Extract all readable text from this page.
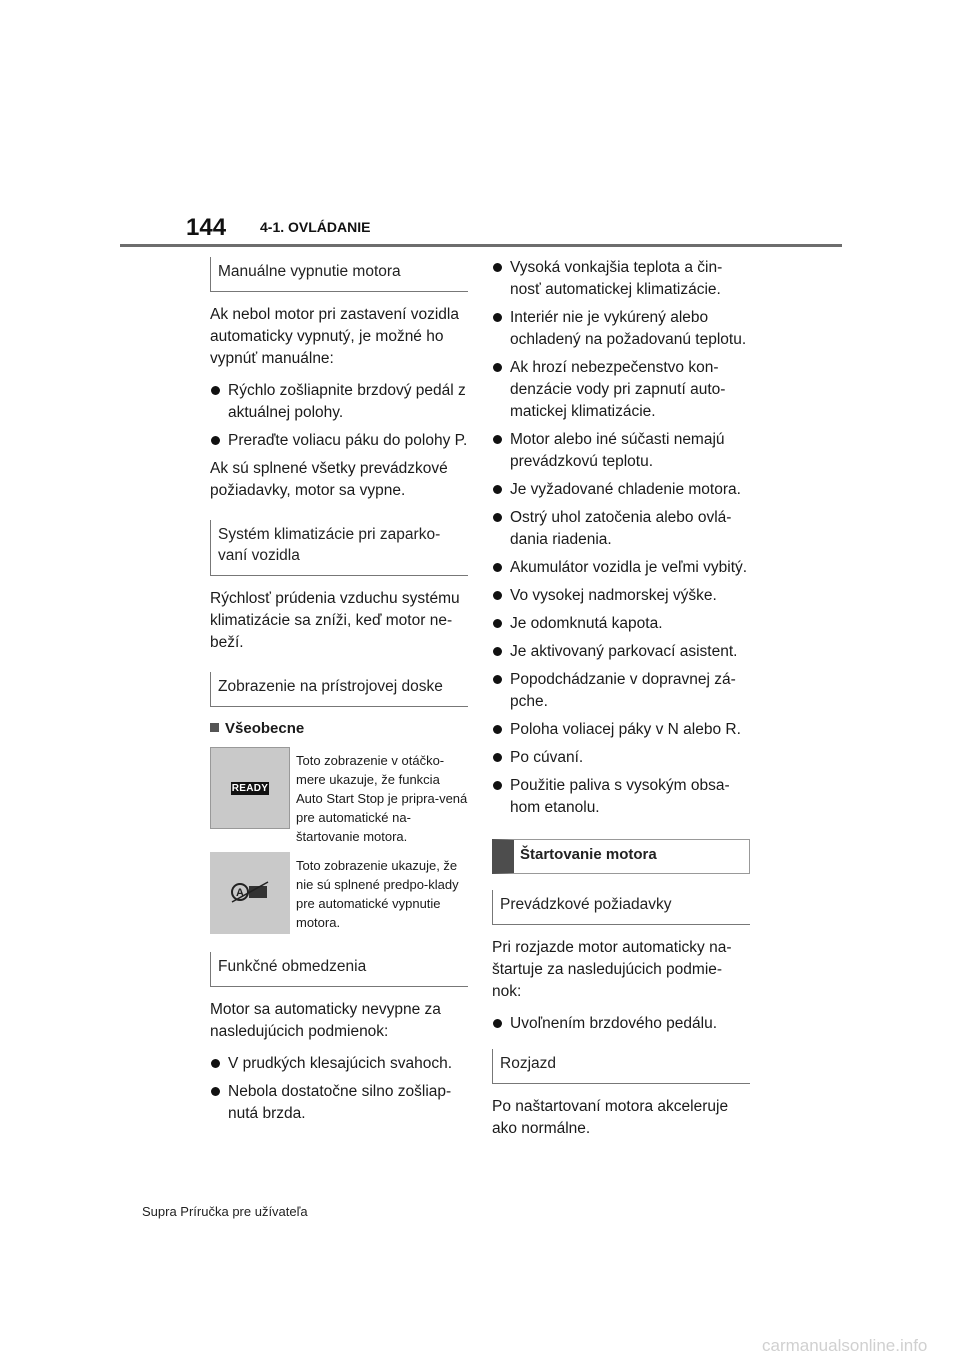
144 4-1. OVLÁDANIE
Manuálne vypnutie motora

Ak nebol motor pri zastavení vozidla automaticky vypnutý, je možné ho vypnúť manuálne:

Rýchlo zošliapnite brzdový pedál z aktuálnej polohy.
Preraďte voliacu páku do polohy P.

Ak sú splnené všetky prevádzkové požiadavky, motor sa vypne.

Systém klimatizácie pri zaparko-vaní vozidla

Rýchlosť prúdenia vzduchu systému klimatizácie sa zníži, keď motor ne-beží.

Zobrazenie na prístrojovej doske
Všeobecne
READY
Toto zobrazenie v otáčko-mere ukazuje, že funkcia Auto Start Stop je pripra-vená pre automatické na-štartovanie motora.
A
Toto zobrazenie ukazuje, že nie sú splnené predpo-klady pre automatické vypnutie motora.
Funkčné obmedzenia

Motor sa automaticky nevypne za nasledujúcich podmienok:

V prudkých klesajúcich svahoch.
Nebola dostatočne silno zošliap-nutá brzda.
Vysoká vonkajšia teplota a čin-nosť automatickej klimatizácie.
Interiér nie je vykúrený alebo ochladený na požadovanú teplotu.
Ak hrozí nebezpečenstvo kon-denzácie vody pri zapnutí auto-matickej klimatizácie.
Motor alebo iné súčasti nemajú prevádzkovú teplotu.
Je vyžadované chladenie motora.
Ostrý uhol zatočenia alebo ovlá-dania riadenia.
Akumulátor vozidla je veľmi vybitý.
Vo vysokej nadmorskej výške.
Je odomknutá kapota.
Je aktivovaný parkovací asistent.
Popodchádzanie v dopravnej zá-pche.
Poloha voliacej páky v N alebo R.
Po cúvaní.
Použitie paliva s vysokým obsa-hom etanolu.
Štartovanie motora
Prevádzkové požiadavky

Pri rozjazde motor automaticky na-štartuje za nasledujúcich podmie-nok:

Uvoľnením brzdového pedálu.
Rozjazd

Po naštartovaní motora akceleruje ako normálne.

Supra Príručka pre užívateľa
carmanualsonline.info
